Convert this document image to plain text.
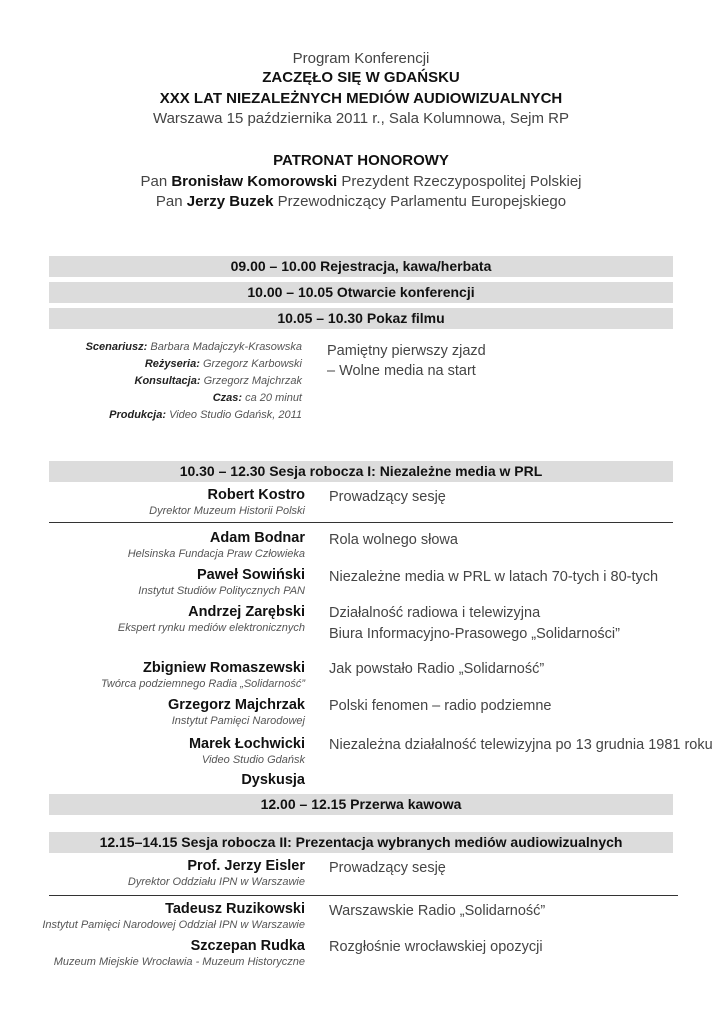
Program Konferencji
ZACZĘŁO SIĘ W GDAŃSKU
XXX LAT NIEZALEŻNYCH MEDIÓW AUDIOWIZUALNYCH
Warszawa 15 października 2011 r., Sala Kolumnowa, Sejm RP
PATRONAT HONOROWY
Pan Bronisław Komorowski Prezydent Rzeczypospolitej Polskiej
Pan Jerzy Buzek Przewodniczący Parlamentu Europejskiego
09.00 – 10.00 Rejestracja, kawa/herbata
10.00 – 10.05 Otwarcie konferencji
10.05 – 10.30 Pokaz filmu
Scenariusz: Barbara Madajczyk-Krasowska
Reżyseria: Grzegorz Karbowski
Konsultacja: Grzegorz Majchrzak
Czas: ca 20 minut
Produkcja: Video Studio Gdańsk, 2011
Pamiętny pierwszy zjazd
– Wolne media na start
10.30 – 12.30 Sesja robocza I: Niezależne media w PRL
Robert Kostro
Dyrektor Muzeum Historii Polski
Prowadzący sesję
Adam Bodnar
Helsinska Fundacja Praw Człowieka
Rola wolnego słowa
Paweł Sowiński
Instytut Studiów Politycznych PAN
Niezależne media w PRL w latach 70-tych i 80-tych
Andrzej Zarębski
Ekspert rynku mediów elektronicznych
Działalność radiowa i telewizyjna
Biura Informacyjno-Prasowego „Solidarności”
Zbigniew Romaszewski
Twórca podziemnego Radia „Solidarność”
Jak powstało Radio „Solidarność”
Grzegorz Majchrzak
Instytut Pamięci Narodowej
Polski fenomen – radio podziemne
Marek Łochwicki
Video Studio Gdańsk
Niezależna działalność telewizyjna po 13 grudnia 1981 roku
Dyskusja
12.00 – 12.15 Przerwa kawowa
12.15–14.15 Sesja robocza II: Prezentacja wybranych mediów audiowizualnych
Prof. Jerzy Eisler
Dyrektor Oddziału IPN w Warszawie
Prowadzący sesję
Tadeusz Ruzikowski
Instytut Pamięci Narodowej Oddział IPN w Warszawie
Warszawskie Radio „Solidarność”
Szczepan Rudka
Muzeum Miejskie Wrocławia - Muzeum Historyczne
Rozgłośnie wrocławskiej opozycji
